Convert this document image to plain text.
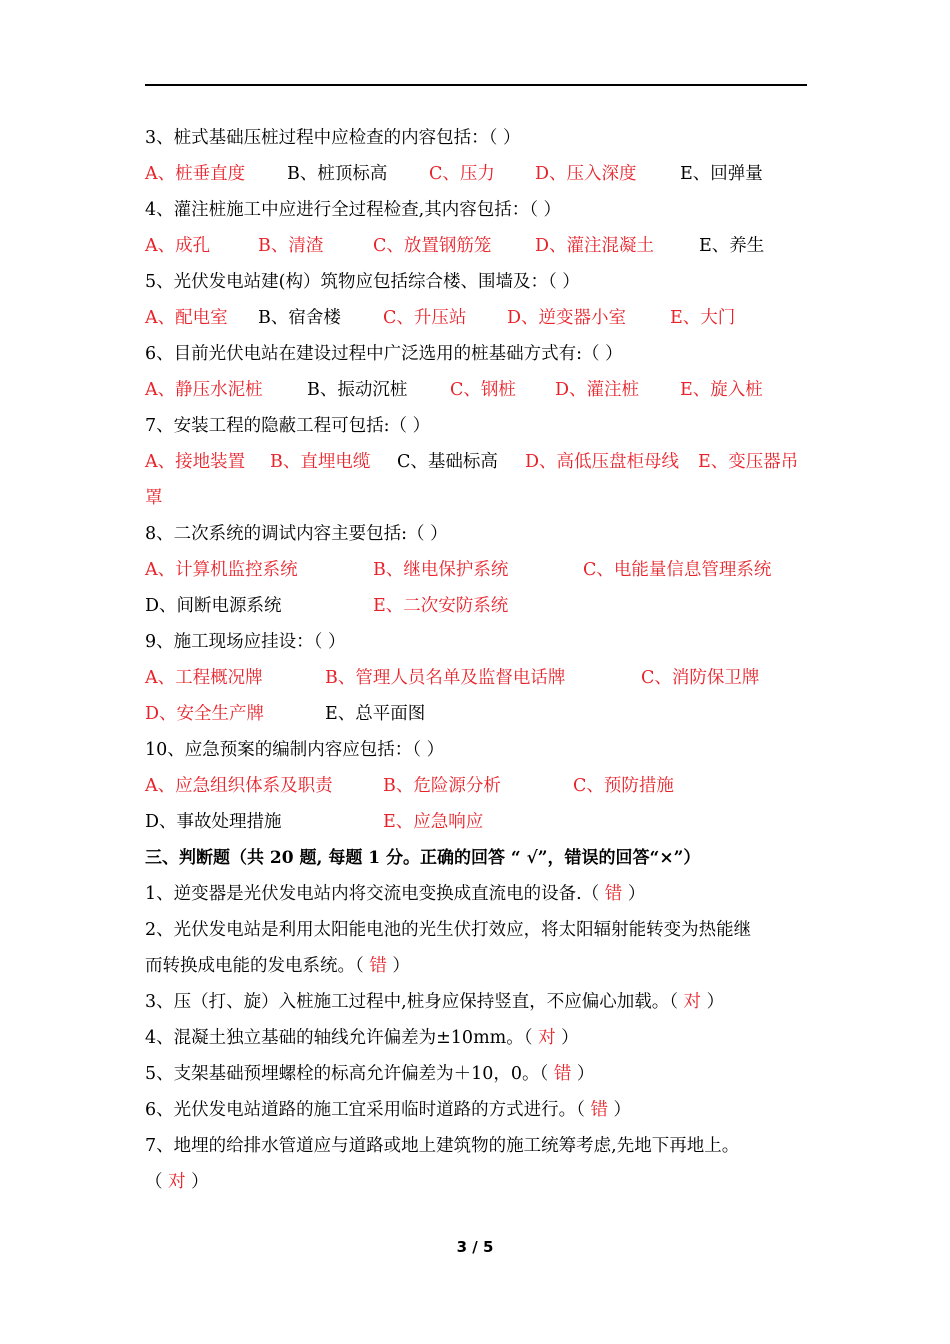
3、桩式基础压桩过程中应检查的内容包括：（ ）
A、桩垂直度 B、桩顶标高 C、压力 D、压入深度 E、回弹量
4、灌注桩施工中应进行全过程检查,其内容包括：（ ）
A、成孔	B、清渣	C、放置钢筋笼 D、灌注混凝土	E、养生
5、光伏发电站建(构）筑物应包括综合楼、围墙及：（ ）
A、配电室 B、宿舍楼 C、升压站 D、逆变器小室	E、大门
6、目前光伏电站在建设过程中广泛选用的桩基础方式有:（ ）
A、静压水泥桩	B、振动沉桩 C、钢桩 D、灌注桩 E、旋入桩
7、安装工程的隐蔽工程可包括:（ ）
A、接地装置 B、直埋电缆 C、基础标高 D、高低压盘柜母线 E、变压器吊
罩
8、二次系统的调试内容主要包括:（ ）
A、计算机监控系统	B、继电保护系统	C、电能量信息管理系统
D、间断电源系统	E、二次安防系统
9、施工现场应挂设：（ ）
A、工程概况牌	B、管理人员名单及监督电话牌	C、消防保卫牌
D、安全生产牌	E、总平面图
10、应急预案的编制内容应包括：（ ）
A、应急组织体系及职责	B、危险源分析	C、预防措施
D、事故处理措施	E、应急响应
三、判断题（共 20 题, 每题 1 分。正确的回答 “ √”，错误的回答“×”）
1、逆变器是光伏发电站内将交流电变换成直流电的设备.（ 错 ）
2、光伏发电站是利用太阳能电池的光生伏打效应，将太阳辐射能转变为热能继
而转换成电能的发电系统。（ 错 ）
3、压（打、旋）入桩施工过程中,桩身应保持竖直，不应偏心加载。（ 对 ）
4、混凝土独立基础的轴线允许偏差为±10mm。（ 对 ）
5、支架基础预埋螺栓的标高允许偏差为＋10，0。（ 错 ）
6、光伏发电站道路的施工宜采用临时道路的方式进行。（ 错 ）
7、地埋的给排水管道应与道路或地上建筑物的施工统筹考虑,先地下再地上。
（ 对 ）
3 / 5
